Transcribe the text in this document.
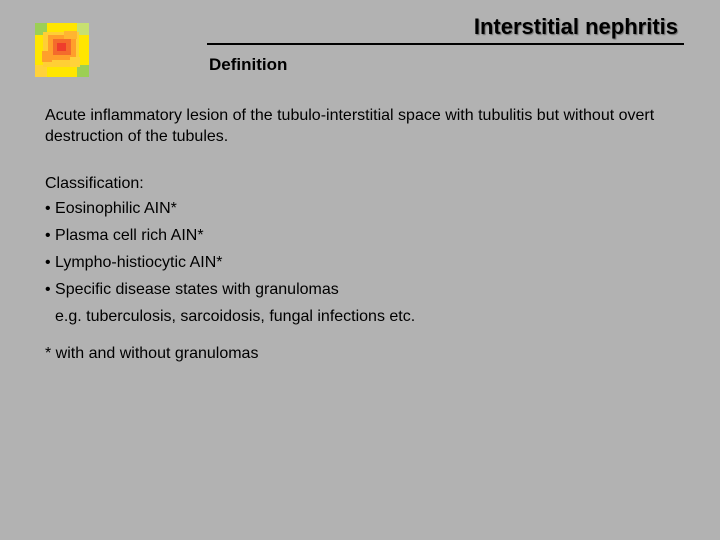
Interstitial nephritis
Definition

Acute inflammatory lesion of the tubulo-interstitial space with tubulitis but without overt destruction of the tubules.

Classification:

• Eosinophilic AIN*
• Plasma cell rich AIN*
• Lympho-histiocytic AIN*
• Specific disease states with granulomas

e.g. tuberculosis, sarcoidosis, fungal infections etc.

* with and without granulomas
